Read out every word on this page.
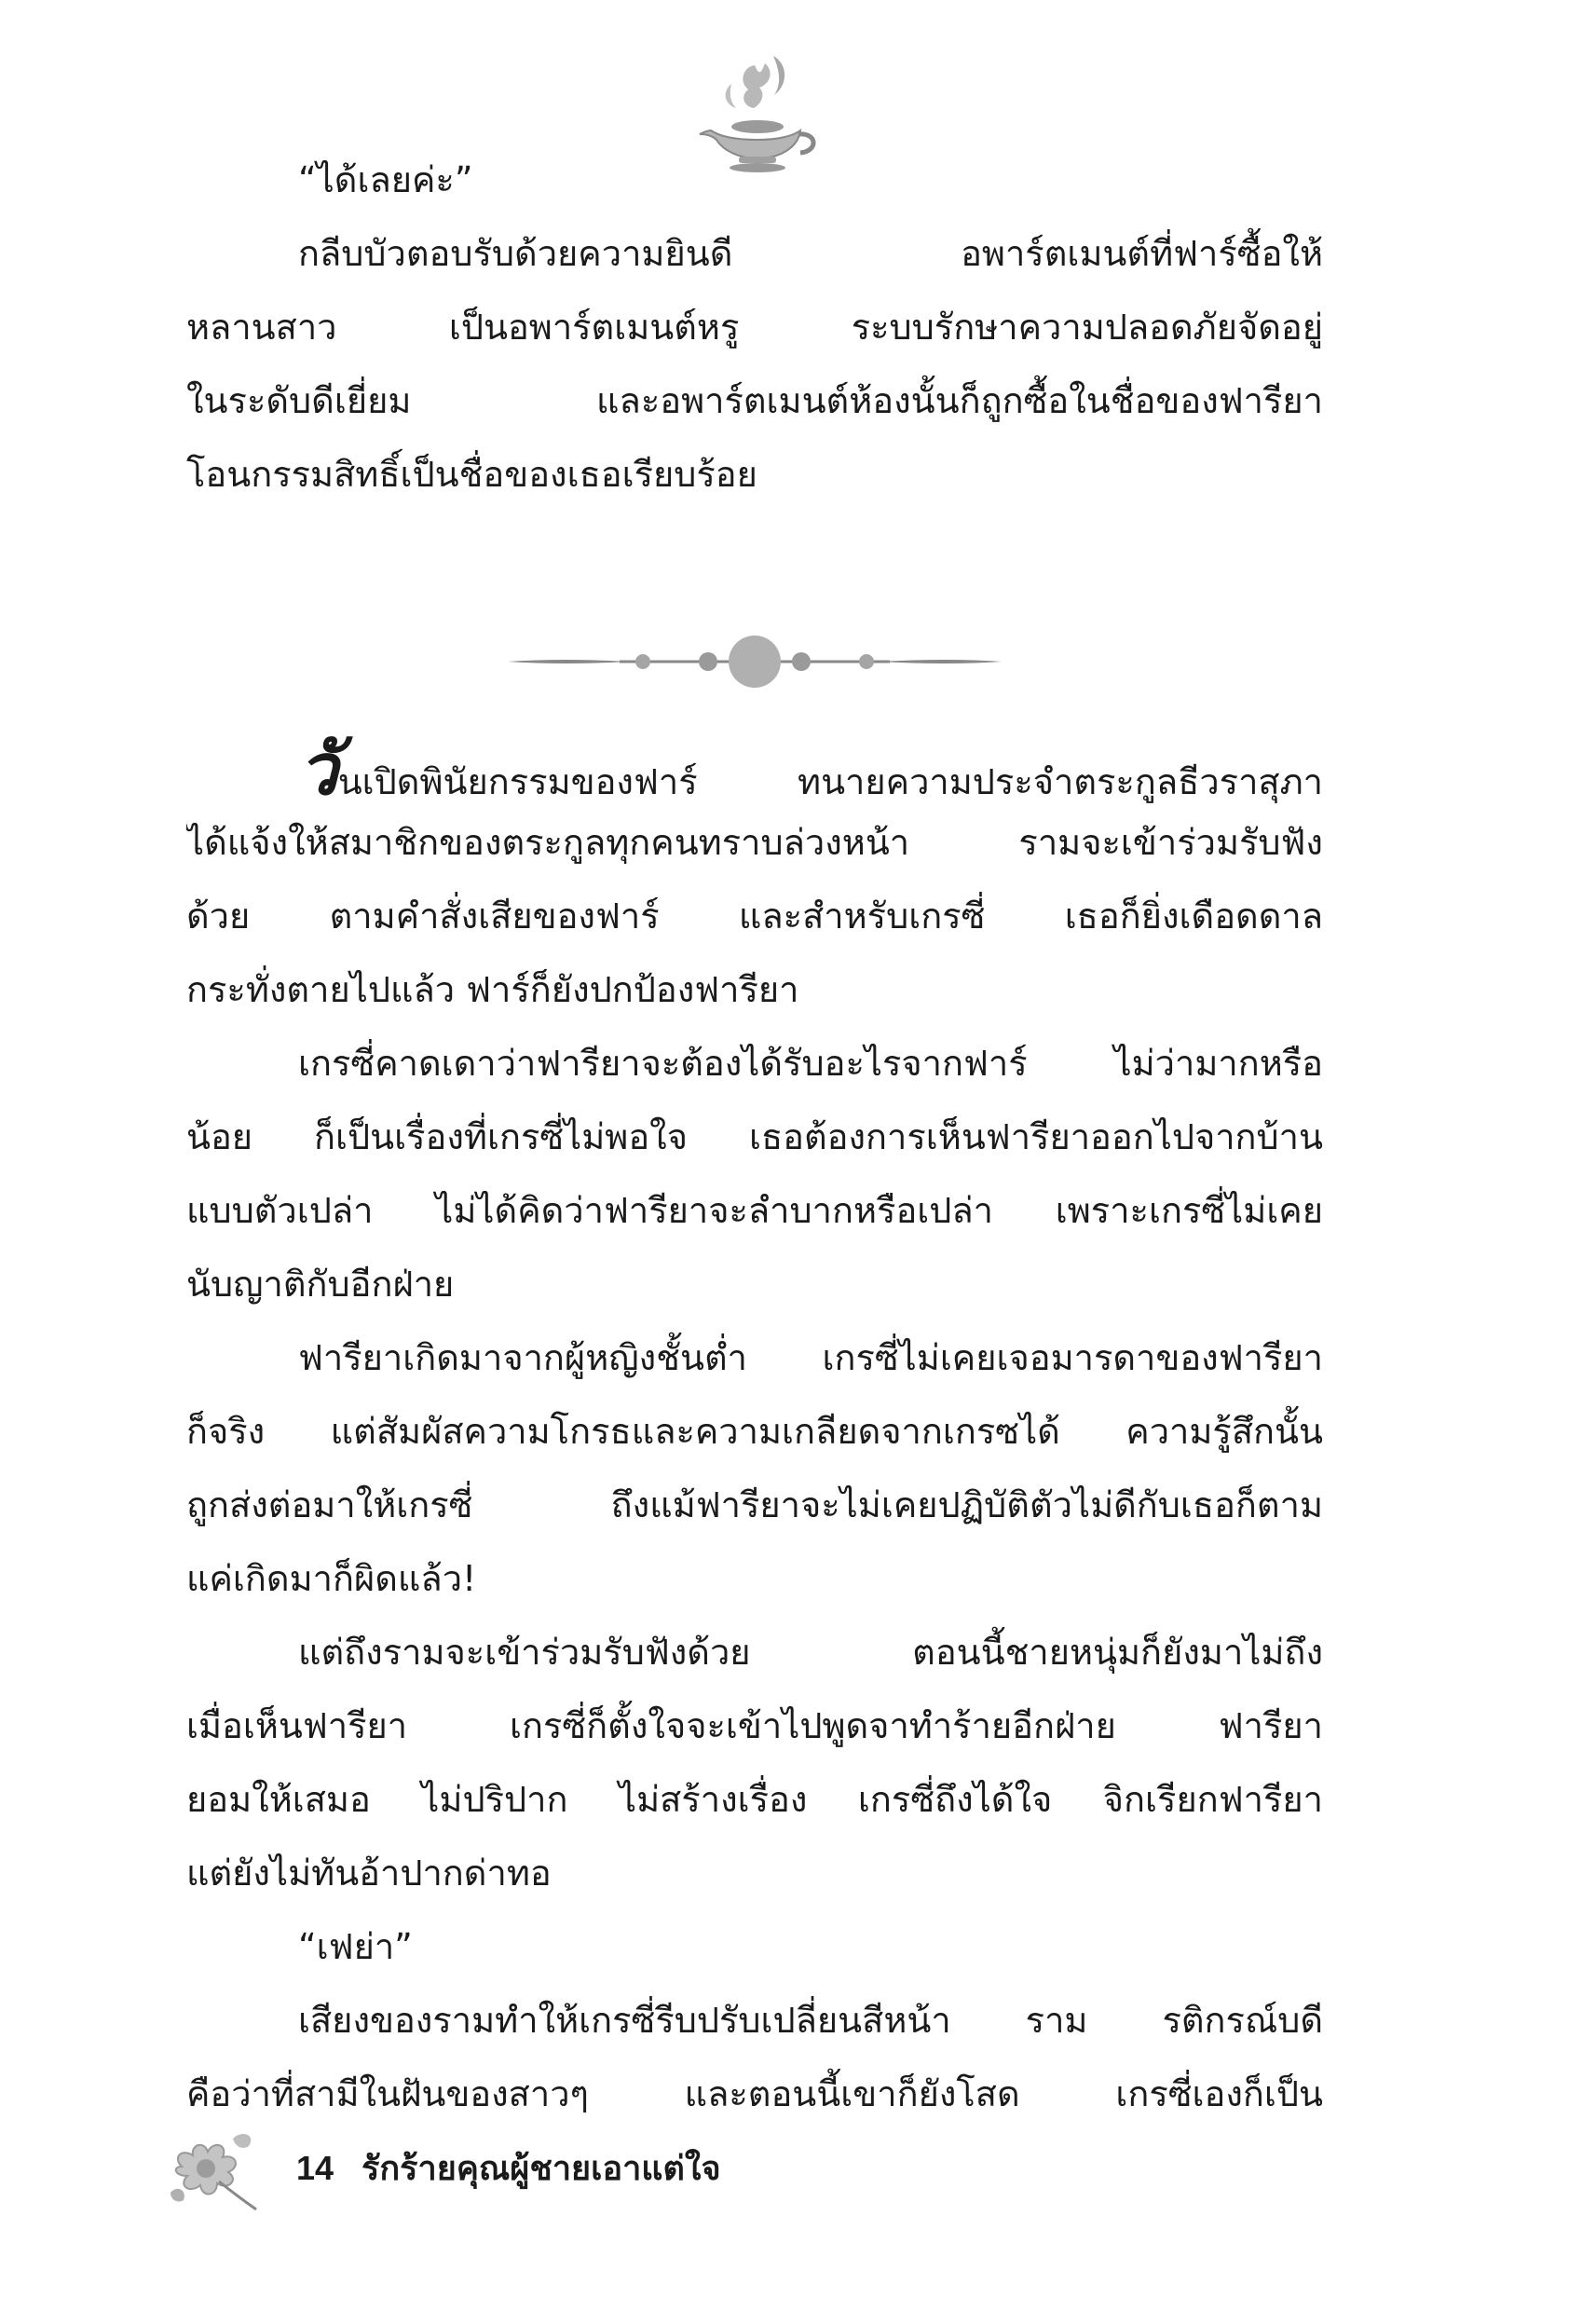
“ได้เลยค่ะ”
กลีบบัวตอบรับด้วยความยินดี อพาร์ตเมนต์ที่ฟาร์ซื้อให้
หลานสาว เป็นอพาร์ตเมนต์หรู ระบบรักษาความปลอดภัยจัดอยู่
ในระดับดีเยี่ยม และอพาร์ตเมนต์ห้องนั้นก็ถูกซื้อในชื่อของฟารียา
โอนกรรมสิทธิ์เป็นชื่อของเธอเรียบร้อย
วันเปิดพินัยกรรมของฟาร์ ทนายความประจำตระกูลธีวราสุภา
ได้แจ้งให้สมาชิกของตระกูลทุกคนทราบล่วงหน้า รามจะเข้าร่วมรับฟัง
ด้วย ตามคำสั่งเสียของฟาร์ และสำหรับเกรซี่ เธอก็ยิ่งเดือดดาล
กระทั่งตายไปแล้ว ฟาร์ก็ยังปกป้องฟารียา
เกรซี่คาดเดาว่าฟารียาจะต้องได้รับอะไรจากฟาร์ ไม่ว่ามากหรือ
น้อย ก็เป็นเรื่องที่เกรซี่ไม่พอใจ เธอต้องการเห็นฟารียาออกไปจากบ้าน
แบบตัวเปล่า ไม่ได้คิดว่าฟารียาจะลำบากหรือเปล่า เพราะเกรซี่ไม่เคย
นับญาติกับอีกฝ่าย
ฟารียาเกิดมาจากผู้หญิงชั้นต่ำ เกรซี่ไม่เคยเจอมารดาของฟารียา
ก็จริง แต่สัมผัสความโกรธและความเกลียดจากเกรซได้ ความรู้สึกนั้น
ถูกส่งต่อมาให้เกรซี่ ถึงแม้ฟารียาจะไม่เคยปฏิบัติตัวไม่ดีกับเธอก็ตาม
แค่เกิดมาก็ผิดแล้ว!
แต่ถึงรามจะเข้าร่วมรับฟังด้วย ตอนนี้ชายหนุ่มก็ยังมาไม่ถึง
เมื่อเห็นฟารียา เกรซี่ก็ตั้งใจจะเข้าไปพูดจาทำร้ายอีกฝ่าย ฟารียา
ยอมให้เสมอ ไม่ปริปาก ไม่สร้างเรื่อง เกรซี่ถึงได้ใจ จิกเรียกฟารียา
แต่ยังไม่ทันอ้าปากด่าทอ
“เฟย่า”
เสียงของรามทำให้เกรซี่รีบปรับเปลี่ยนสีหน้า ราม รติกรณ์บดี
คือว่าที่สามีในฝันของสาวๆ และตอนนี้เขาก็ยังโสด เกรซี่เองก็เป็น
14 รักร้ายคุณผู้ชายเอาแต่ใจ
